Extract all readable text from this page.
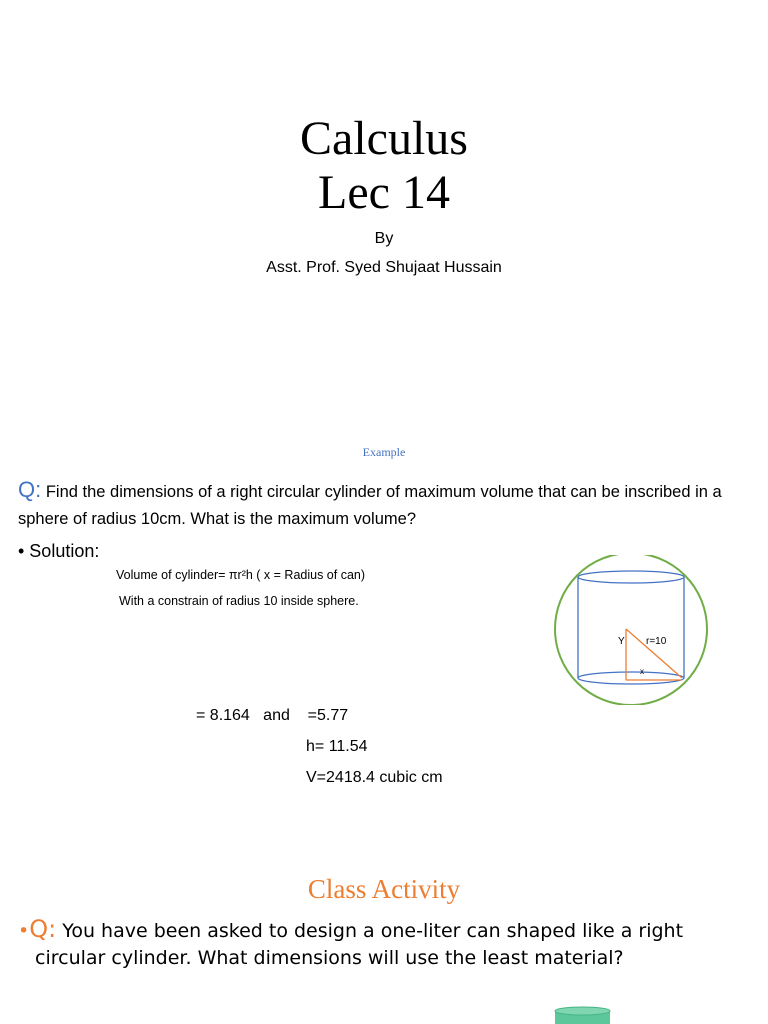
Calculus
Lec 14
By
Asst. Prof. Syed Shujaat Hussain
Example
Q: Find the dimensions of a right circular cylinder of maximum volume that can be inscribed in a sphere of radius 10cm. What is the maximum volume?
• Solution:
Volume of cylinder= πr²h ( x = Radius of can)
With a constrain of radius 10 inside sphere.
= 8.164   and    =5.77
h= 11.54
V=2418.4 cubic cm
Y r=10
x
Class Activity
•Q: You have been asked to design a one-liter can shaped like a right
circular cylinder. What dimensions will use the least material?
